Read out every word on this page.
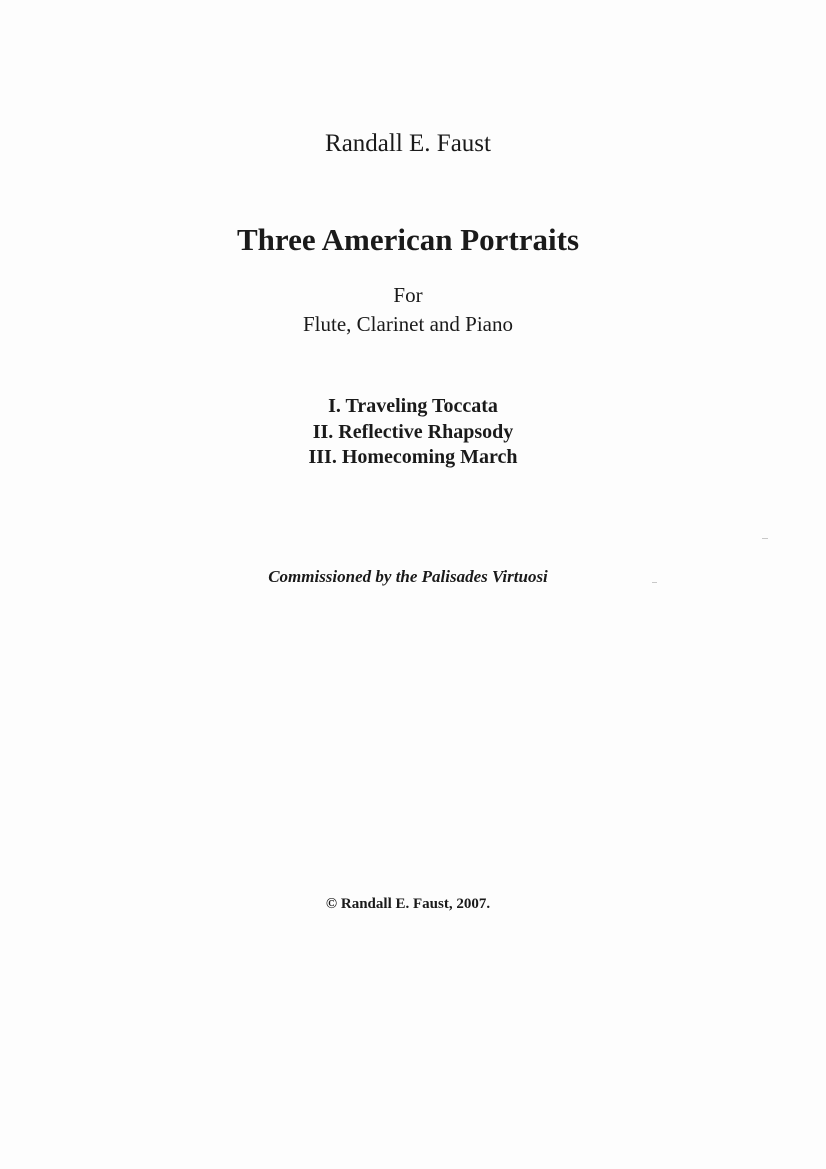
Randall E. Faust
Three American Portraits
For
Flute, Clarinet and Piano
I. Traveling Toccata
II. Reflective Rhapsody
III. Homecoming March
Commissioned by the Palisades Virtuosi
© Randall E. Faust, 2007.
